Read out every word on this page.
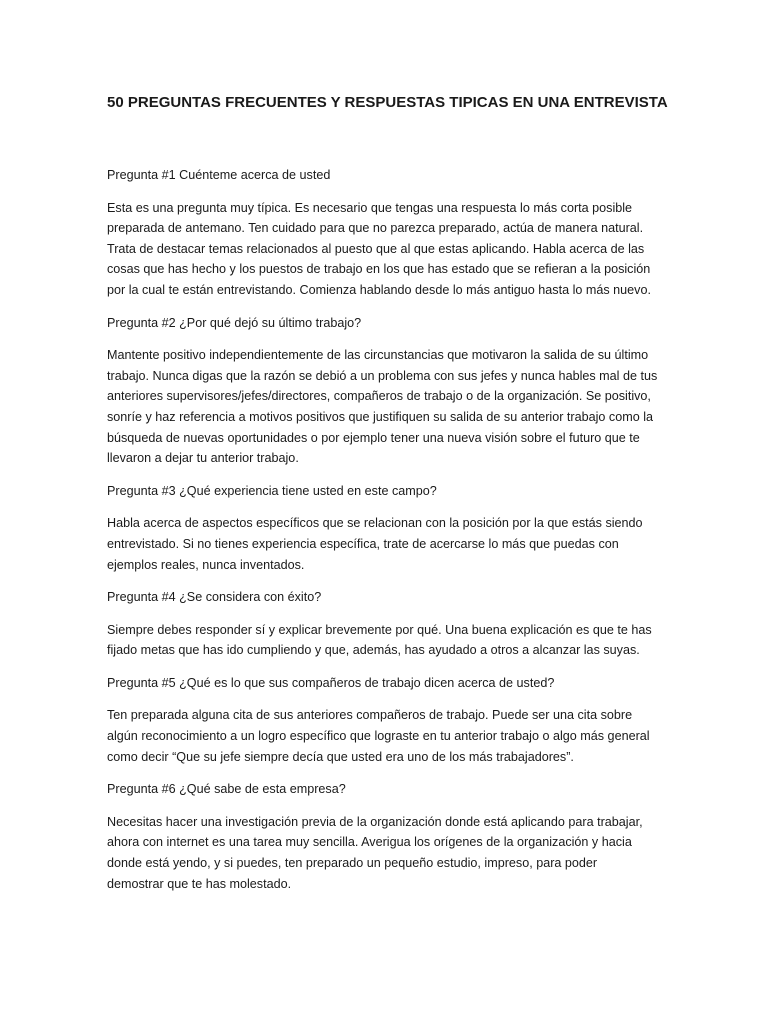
50 PREGUNTAS FRECUENTES Y RESPUESTAS TIPICAS EN UNA ENTREVISTA

Pregunta #1 Cuénteme acerca de usted

Esta es una pregunta muy típica. Es necesario que tengas una respuesta lo más corta posible
preparada de antemano. Ten cuidado para que no parezca preparado, actúa de manera natural.
Trata de destacar temas relacionados al puesto que al que estas aplicando. Habla acerca de las
cosas que has hecho y los puestos de trabajo en los que has estado que se refieran a la posición
por la cual te están entrevistando. Comienza hablando desde lo más antiguo hasta lo más nuevo.

Pregunta #2 ¿Por qué dejó su último trabajo?

Mantente positivo independientemente de las circunstancias que motivaron la salida de su último
trabajo. Nunca digas que la razón se debió a un problema con sus jefes y nunca hables mal de tus
anteriores supervisores/jefes/directores, compañeros de trabajo o de la organización. Se positivo,
sonríe y haz referencia a motivos positivos que justifiquen su salida de su anterior trabajo como la
búsqueda de nuevas oportunidades o por ejemplo tener una nueva visión sobre el futuro que te
llevaron a dejar tu anterior trabajo.

Pregunta #3 ¿Qué experiencia tiene usted en este campo?

Habla acerca de aspectos específicos que se relacionan con la posición por la que estás siendo
entrevistado. Si no tienes experiencia específica, trate de acercarse lo más que puedas con
ejemplos reales, nunca inventados.

Pregunta #4 ¿Se considera con éxito?

Siempre debes responder sí y explicar brevemente por qué. Una buena explicación es que te has
fijado metas que has ido cumpliendo y que, además, has ayudado a otros a alcanzar las suyas.

Pregunta #5 ¿Qué es lo que sus compañeros de trabajo dicen acerca de usted?

Ten preparada alguna cita de sus anteriores compañeros de trabajo. Puede ser una cita sobre
algún reconocimiento a un logro específico que lograste en tu anterior trabajo o algo más general
como decir “Que su jefe siempre decía que usted era uno de los más trabajadores”.

Pregunta #6 ¿Qué sabe de esta empresa?

Necesitas hacer una investigación previa de la organización donde está aplicando para trabajar,
ahora con internet es una tarea muy sencilla. Averigua los orígenes de la organización y hacia
donde está yendo, y si puedes, ten preparado un pequeño estudio, impreso, para poder
demostrar que te has molestado.
